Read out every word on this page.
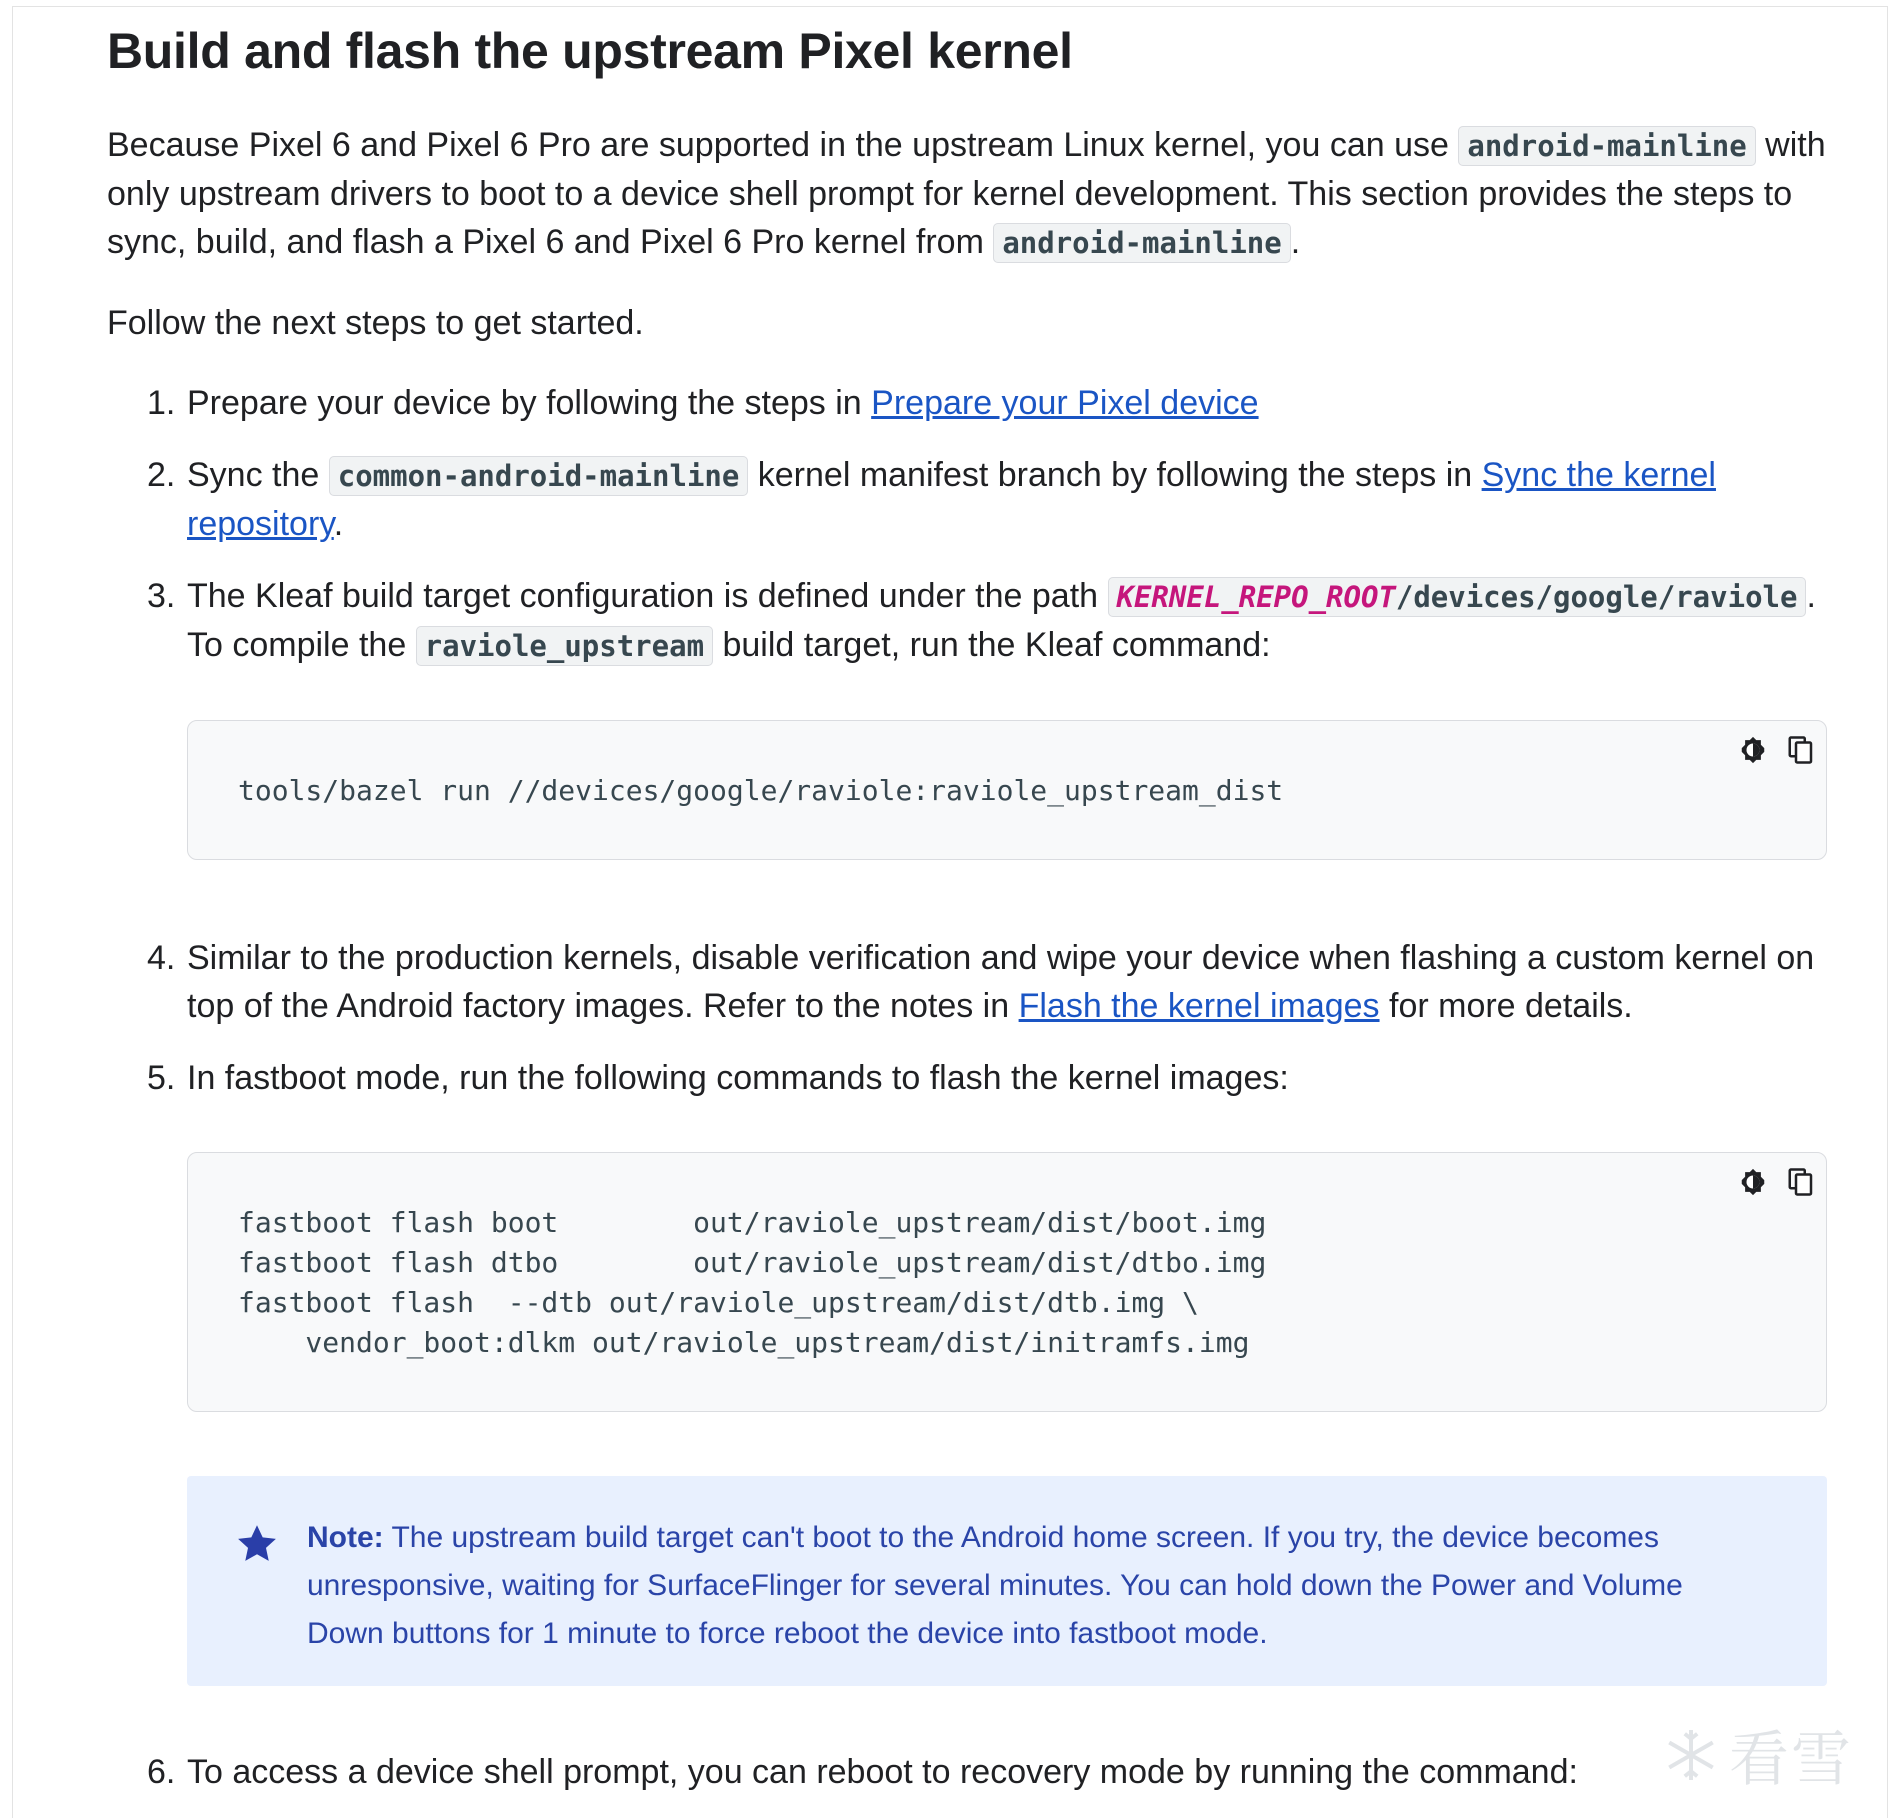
Build and flash the upstream Pixel kernel

Because Pixel 6 and Pixel 6 Pro are supported in the upstream Linux kernel, you can use android-mainline with only upstream drivers to boot to a device shell prompt for kernel development. This section provides the steps to sync, build, and flash a Pixel 6 and Pixel 6 Pro kernel from android-mainline .

Follow the next steps to get started.

1. Prepare your device by following the steps in Prepare your Pixel device
2. Sync the common-android-mainline kernel manifest branch by following the steps in Sync the kernel repository.
3. The Kleaf build target configuration is defined under the path KERNEL_REPO_ROOT/devices/google/raviole . To compile the raviole_upstream build target, run the Kleaf command:
tools/bazel run //devices/google/raviole:raviole_upstream_dist
4. Similar to the production kernels, disable verification and wipe your device when flashing a custom kernel on top of the Android factory images. Refer to the notes in Flash the kernel images for more details.
5. In fastboot mode, run the following commands to flash the kernel images:
fastboot flash boot        out/raviole_upstream/dist/boot.img
fastboot flash dtbo        out/raviole_upstream/dist/dtbo.img
fastboot flash  --dtb out/raviole_upstream/dist/dtb.img \
vendor_boot:dlkm out/raviole_upstream/dist/initramfs.img
Note: The upstream build target can't boot to the Android home screen. If you try, the device becomes unresponsive, waiting for SurfaceFlinger for several minutes. You can hold down the Power and Volume Down buttons for 1 minute to force reboot the device into fastboot mode.
6. To access a device shell prompt, you can reboot to recovery mode by running the command:	看雪
